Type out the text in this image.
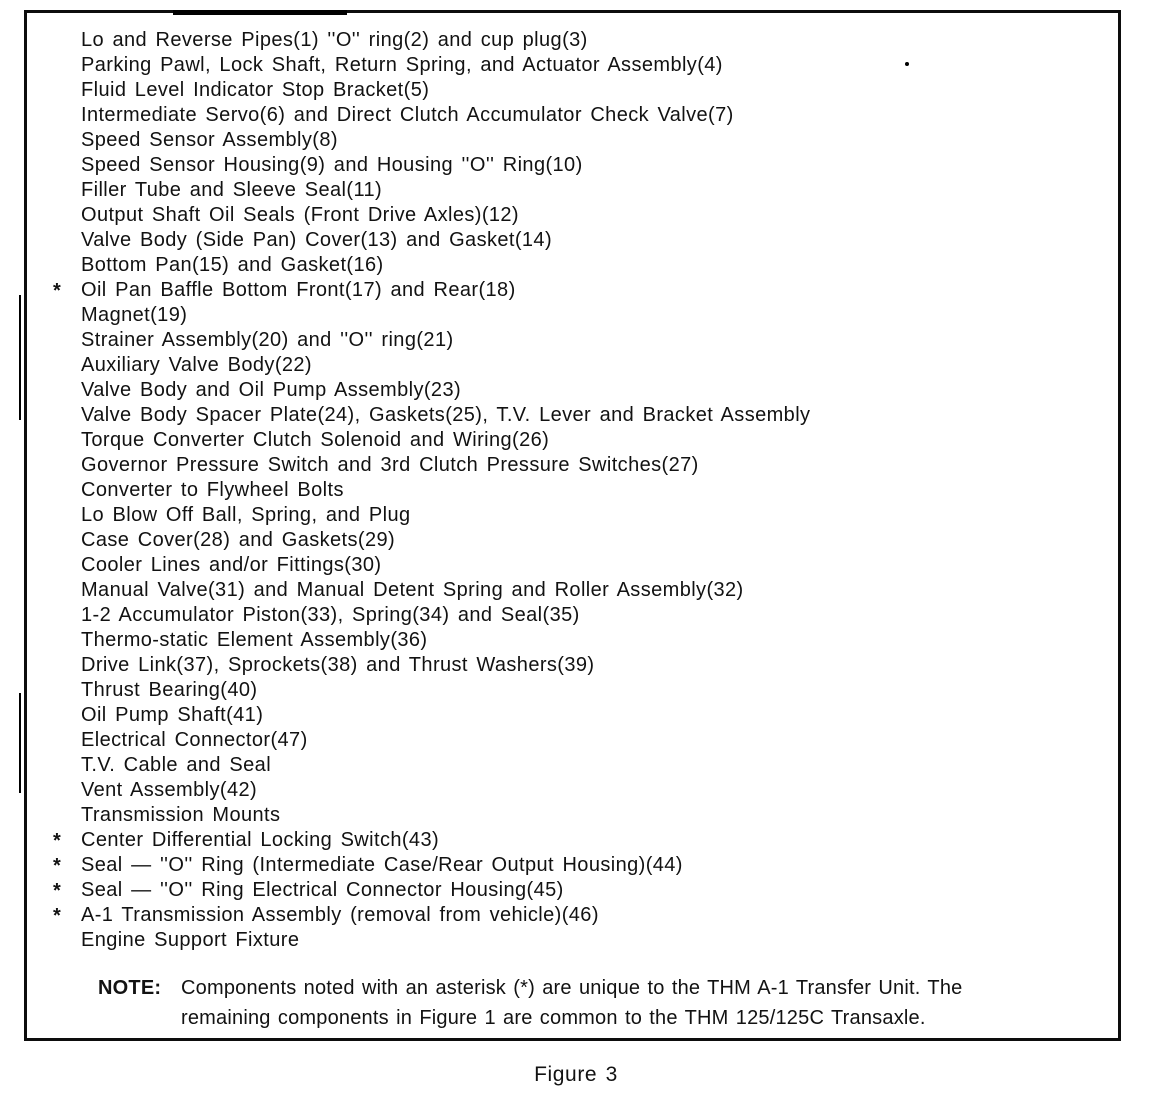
Lo and Reverse Pipes(1) ''O'' ring(2) and cup plug(3)
Parking Pawl, Lock Shaft, Return Spring, and Actuator Assembly(4)
Fluid Level Indicator Stop Bracket(5)
Intermediate Servo(6) and Direct Clutch Accumulator Check Valve(7)
Speed Sensor Assembly(8)
Speed Sensor Housing(9) and Housing ''O'' Ring(10)
Filler Tube and Sleeve Seal(11)
Output Shaft Oil Seals (Front Drive Axles)(12)
Valve Body (Side Pan) Cover(13) and Gasket(14)
Bottom Pan(15) and Gasket(16)
* Oil Pan Baffle Bottom Front(17) and Rear(18)
Magnet(19)
Strainer Assembly(20) and ''O'' ring(21)
Auxiliary Valve Body(22)
Valve Body and Oil Pump Assembly(23)
Valve Body Spacer Plate(24), Gaskets(25), T.V. Lever and Bracket Assembly
Torque Converter Clutch Solenoid and Wiring(26)
Governor Pressure Switch and 3rd Clutch Pressure Switches(27)
Converter to Flywheel Bolts
Lo Blow Off Ball, Spring, and Plug
Case Cover(28) and Gaskets(29)
Cooler Lines and/or Fittings(30)
Manual Valve(31) and Manual Detent Spring and Roller Assembly(32)
1-2 Accumulator Piston(33), Spring(34) and Seal(35)
Thermo-static Element Assembly(36)
Drive Link(37), Sprockets(38) and Thrust Washers(39)
Thrust Bearing(40)
Oil Pump Shaft(41)
Electrical Connector(47)
T.V. Cable and Seal
Vent Assembly(42)
Transmission Mounts
* Center Differential Locking Switch(43)
* Seal — ''O'' Ring (Intermediate Case/Rear Output Housing)(44)
* Seal — ''O'' Ring Electrical Connector Housing(45)
* A-1 Transmission Assembly (removal from vehicle)(46)
Engine Support Fixture
NOTE: Components noted with an asterisk (*) are unique to the THM A-1 Transfer Unit. The
remaining components in Figure 1 are common to the THM 125/125C Transaxle.
Figure 3
